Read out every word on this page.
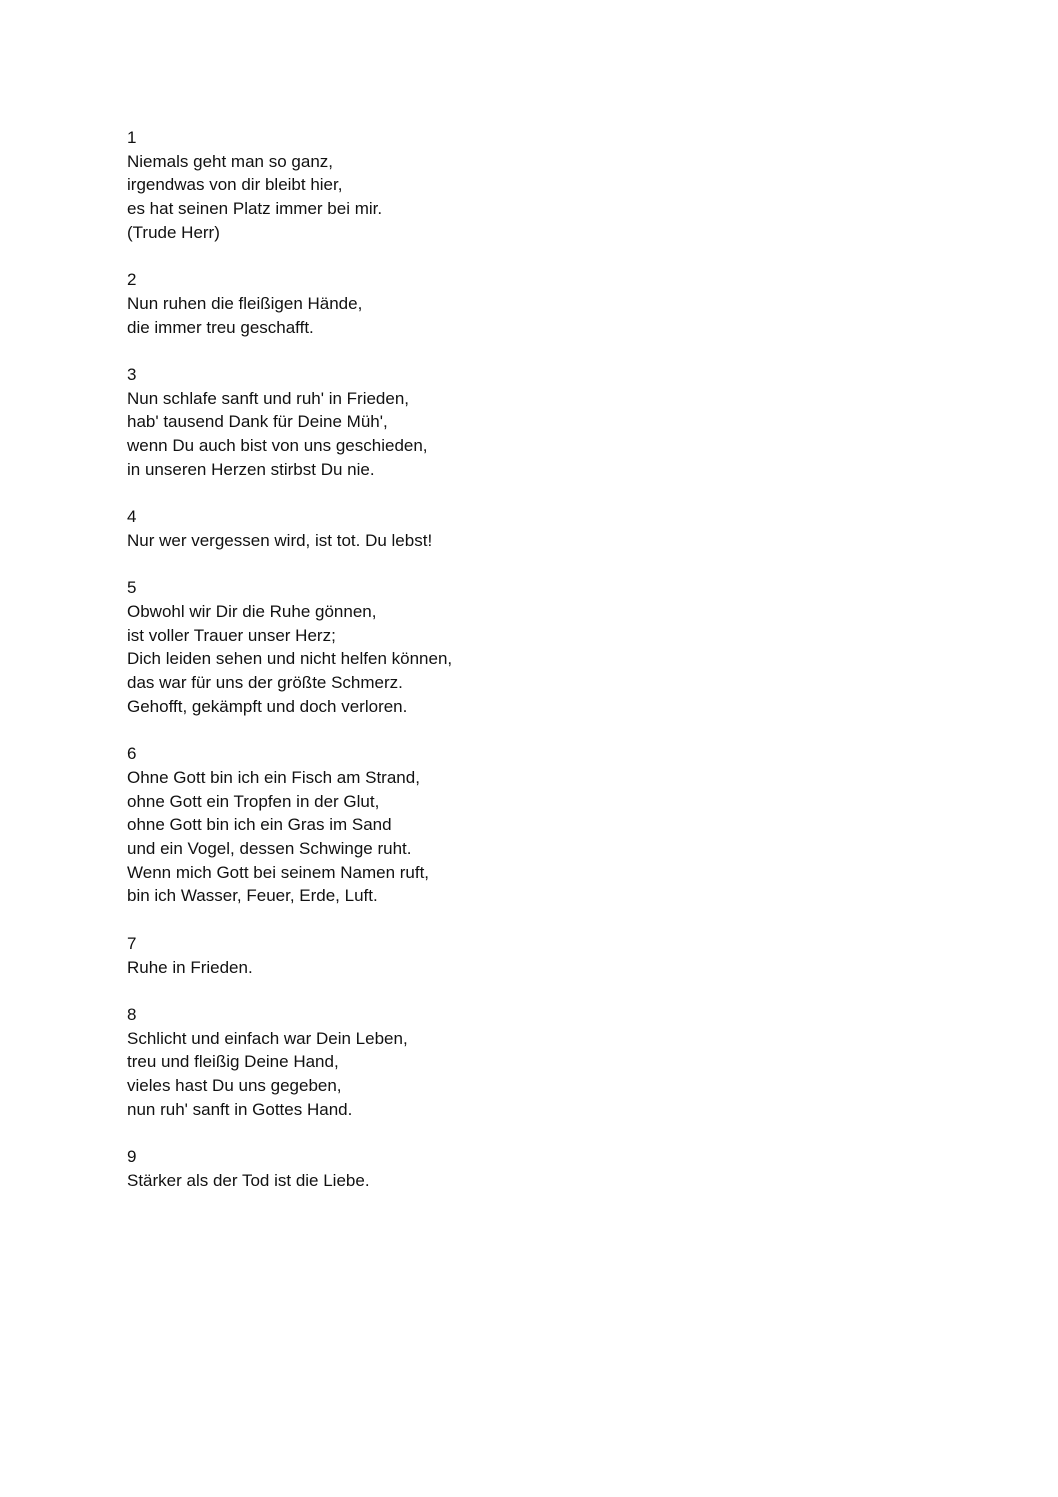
1
Niemals geht man so ganz,
irgendwas von dir bleibt hier,
es hat seinen Platz immer bei mir.
(Trude Herr)
2
Nun ruhen die fleißigen Hände,
die immer treu geschafft.
3
Nun schlafe sanft und ruh' in Frieden,
hab' tausend Dank für Deine Müh',
wenn Du auch bist von uns geschieden,
in unseren Herzen stirbst Du nie.
4
Nur wer vergessen wird, ist tot. Du lebst!
5
Obwohl wir Dir die Ruhe gönnen,
ist voller Trauer unser Herz;
Dich leiden sehen und nicht helfen können,
das war für uns der größte Schmerz.
Gehofft, gekämpft und doch verloren.
6
Ohne Gott bin ich ein Fisch am Strand,
ohne Gott ein Tropfen in der Glut,
ohne Gott bin ich ein Gras im Sand
und ein Vogel, dessen Schwinge ruht.
Wenn mich Gott bei seinem Namen ruft,
bin ich Wasser, Feuer, Erde, Luft.
7
Ruhe in Frieden.
8
Schlicht und einfach war Dein Leben,
treu und fleißig Deine Hand,
vieles hast Du uns gegeben,
nun ruh' sanft in Gottes Hand.
9
Stärker als der Tod ist die Liebe.
